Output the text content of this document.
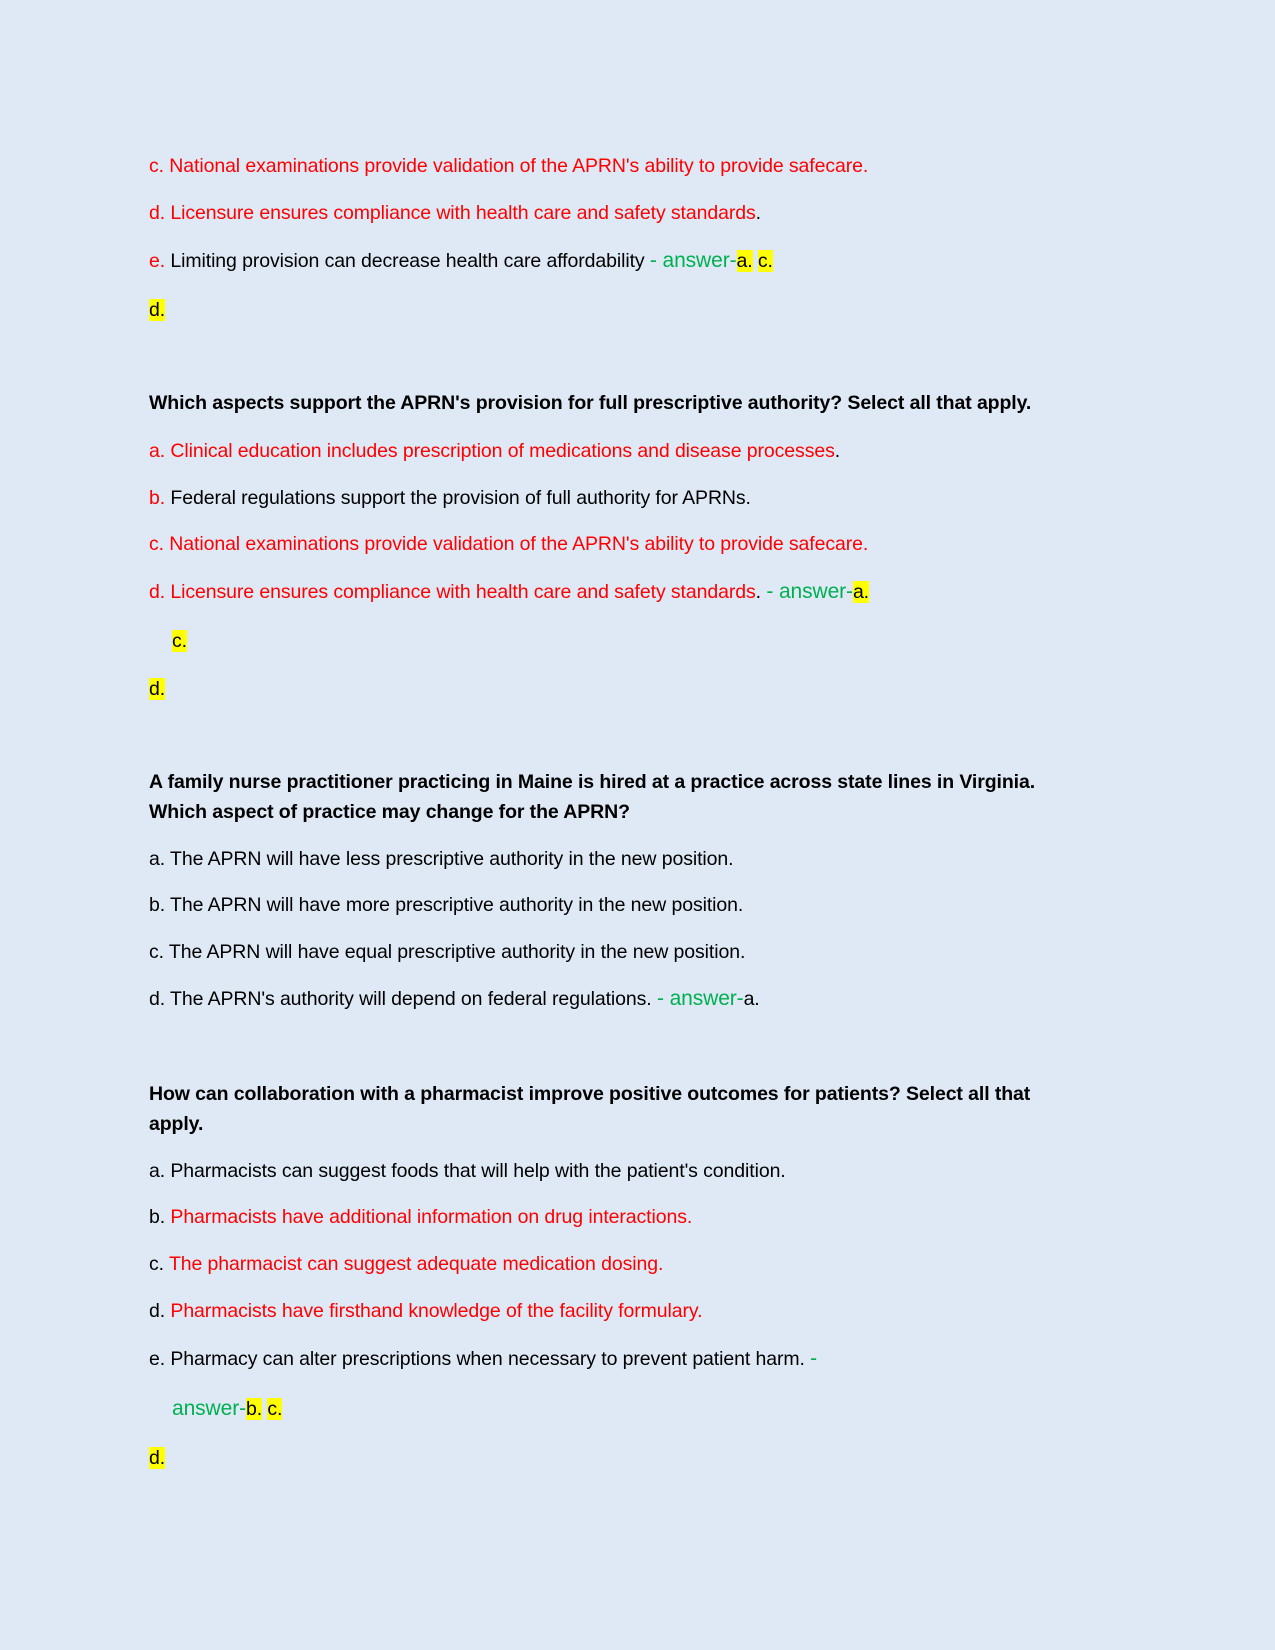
c. National examinations provide validation of the APRN's ability to provide safecare.
d. Licensure ensures compliance with health care and safety standards.
e. Limiting provision can decrease health care affordability - answer-a. c.
d.
Which aspects support the APRN's provision for full prescriptive authority? Select all that apply.
a. Clinical education includes prescription of medications and disease processes.
b. Federal regulations support the provision of full authority for APRNs.
c. National examinations provide validation of the APRN's ability to provide safecare.
d. Licensure ensures compliance with health care and safety standards. - answer-a.
c.
d.
A family nurse practitioner practicing in Maine is hired at a practice across state lines in Virginia. Which aspect of practice may change for the APRN?
a. The APRN will have less prescriptive authority in the new position.
b. The APRN will have more prescriptive authority in the new position.
c. The APRN will have equal prescriptive authority in the new position.
d. The APRN's authority will depend on federal regulations. - answer-a.
How can collaboration with a pharmacist improve positive outcomes for patients? Select all that apply.
a. Pharmacists can suggest foods that will help with the patient's condition.
b. Pharmacists have additional information on drug interactions.
c. The pharmacist can suggest adequate medication dosing.
d. Pharmacists have firsthand knowledge of the facility formulary.
e. Pharmacy can alter prescriptions when necessary to prevent patient harm. -
answer-b. c.
d.
